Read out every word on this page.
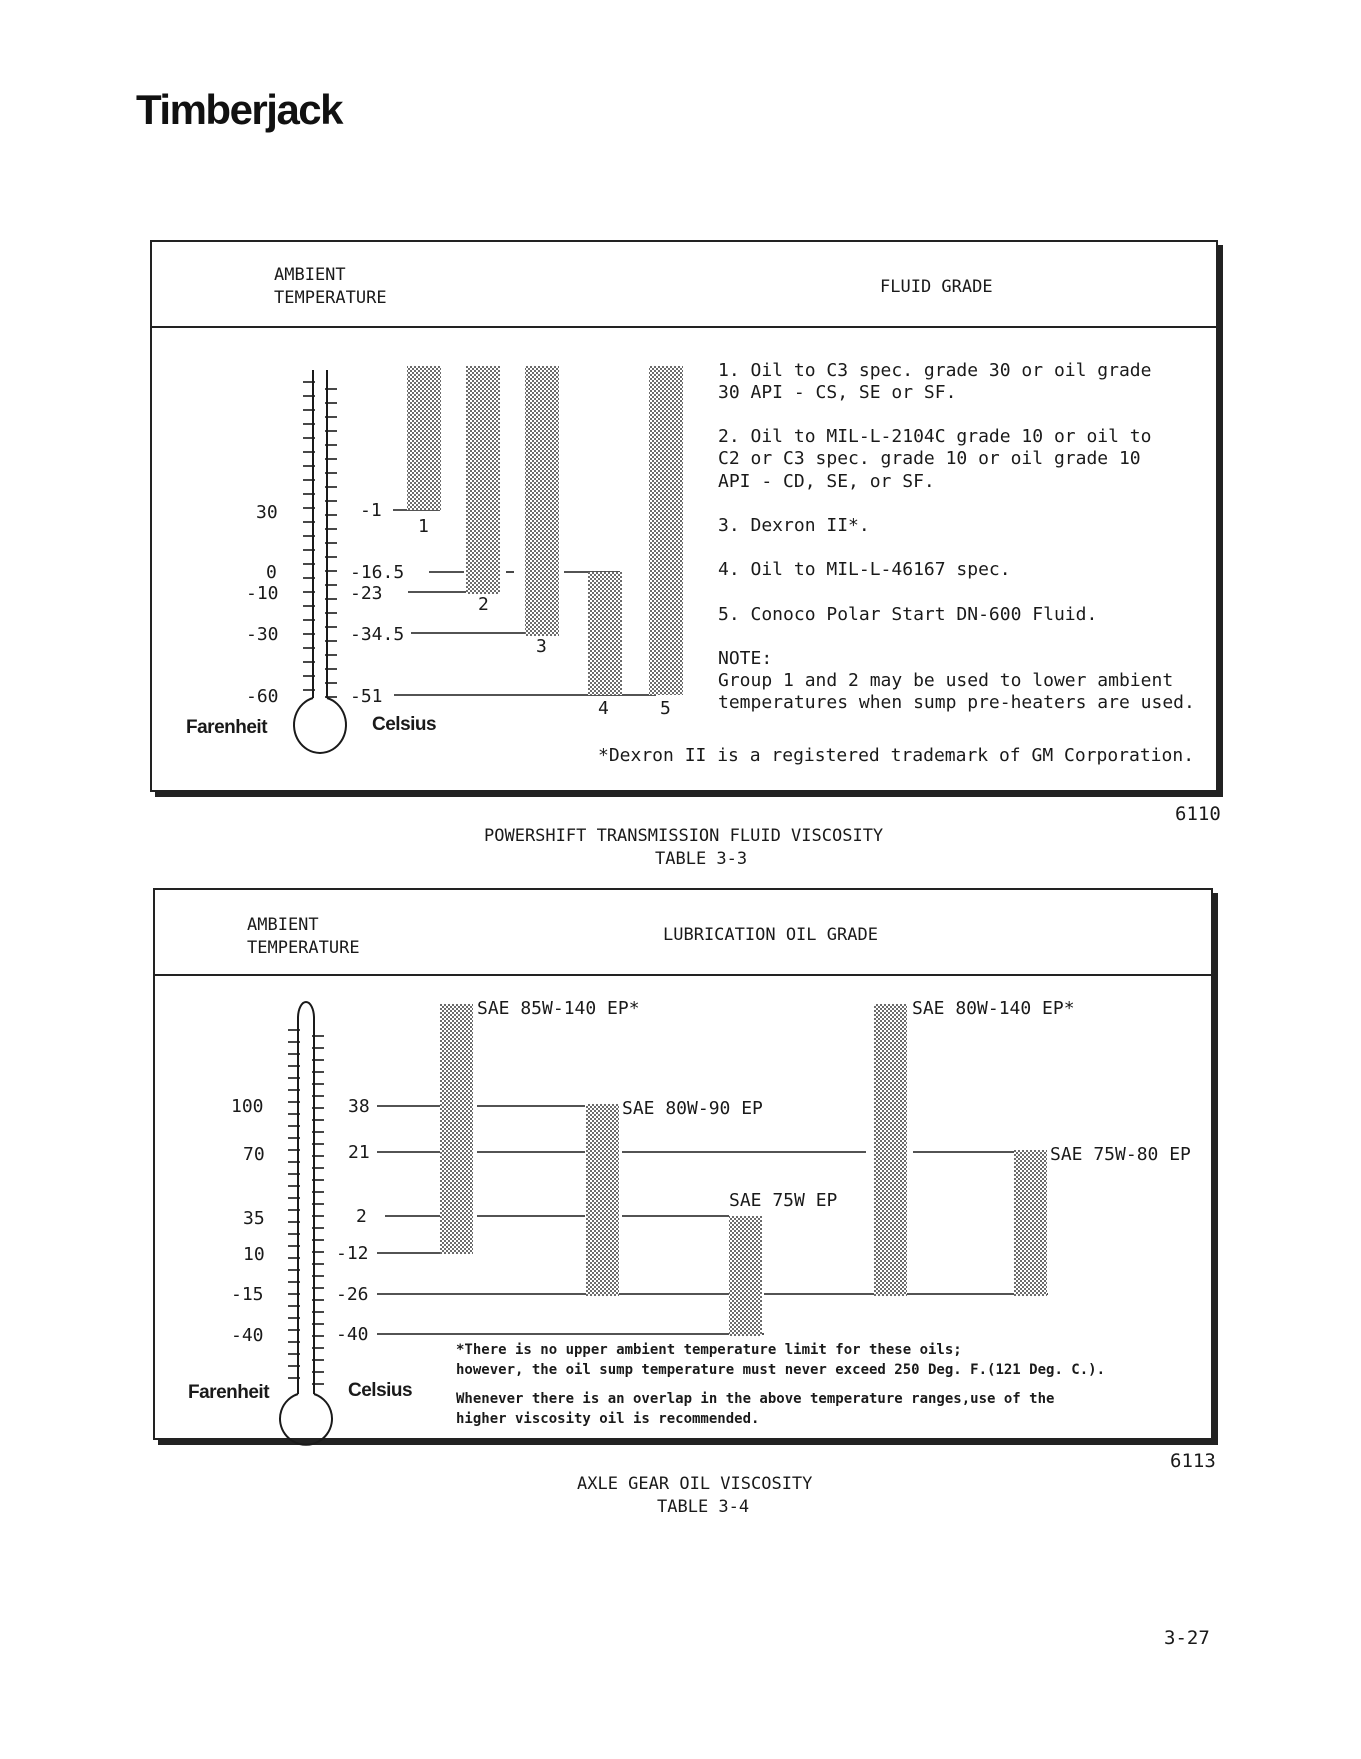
Timberjack
AMBIENT
TEMPERATURE
FLUID GRADE
30
0
-10
-30
-60
-1
-16.5
-23
-34.5
-51
1
2
3
4	5
Farenheit	Celsius
1. Oil to C3 spec. grade 30 or oil grade
30 API - CS, SE or SF.
2. Oil to MIL-L-2104C grade 10 or oil to
C2 or C3 spec. grade 10 or oil grade 10
API - CD, SE, or SF.
3. Dexron II*.
4. Oil to MIL-L-46167 spec.
5. Conoco Polar Start DN-600 Fluid.
NOTE:
Group 1 and 2 may be used to lower ambient
temperatures when sump pre-heaters are used.
*Dexron II is a registered trademark of GM Corporation.
6110
POWERSHIFT TRANSMISSION FLUID VISCOSITY
TABLE 3-3
AMBIENT
TEMPERATURE
LUBRICATION OIL GRADE
100
70
35
10
-15
-40
38
21
2
-12
-26
-40
SAE 85W-140 EP*
SAE 80W-90 EP
SAE 75W EP
SAE 80W-140 EP*
SAE 75W-80 EP
Farenheit	Celsius
*There is no upper ambient temperature limit for these oils;
however, the oil sump temperature must never exceed 250 Deg. F.(121 Deg. C.).
Whenever there is an overlap in the above temperature ranges,use of the
higher viscosity oil is recommended.
6113
AXLE GEAR OIL VISCOSITY
TABLE 3-4
3-27
